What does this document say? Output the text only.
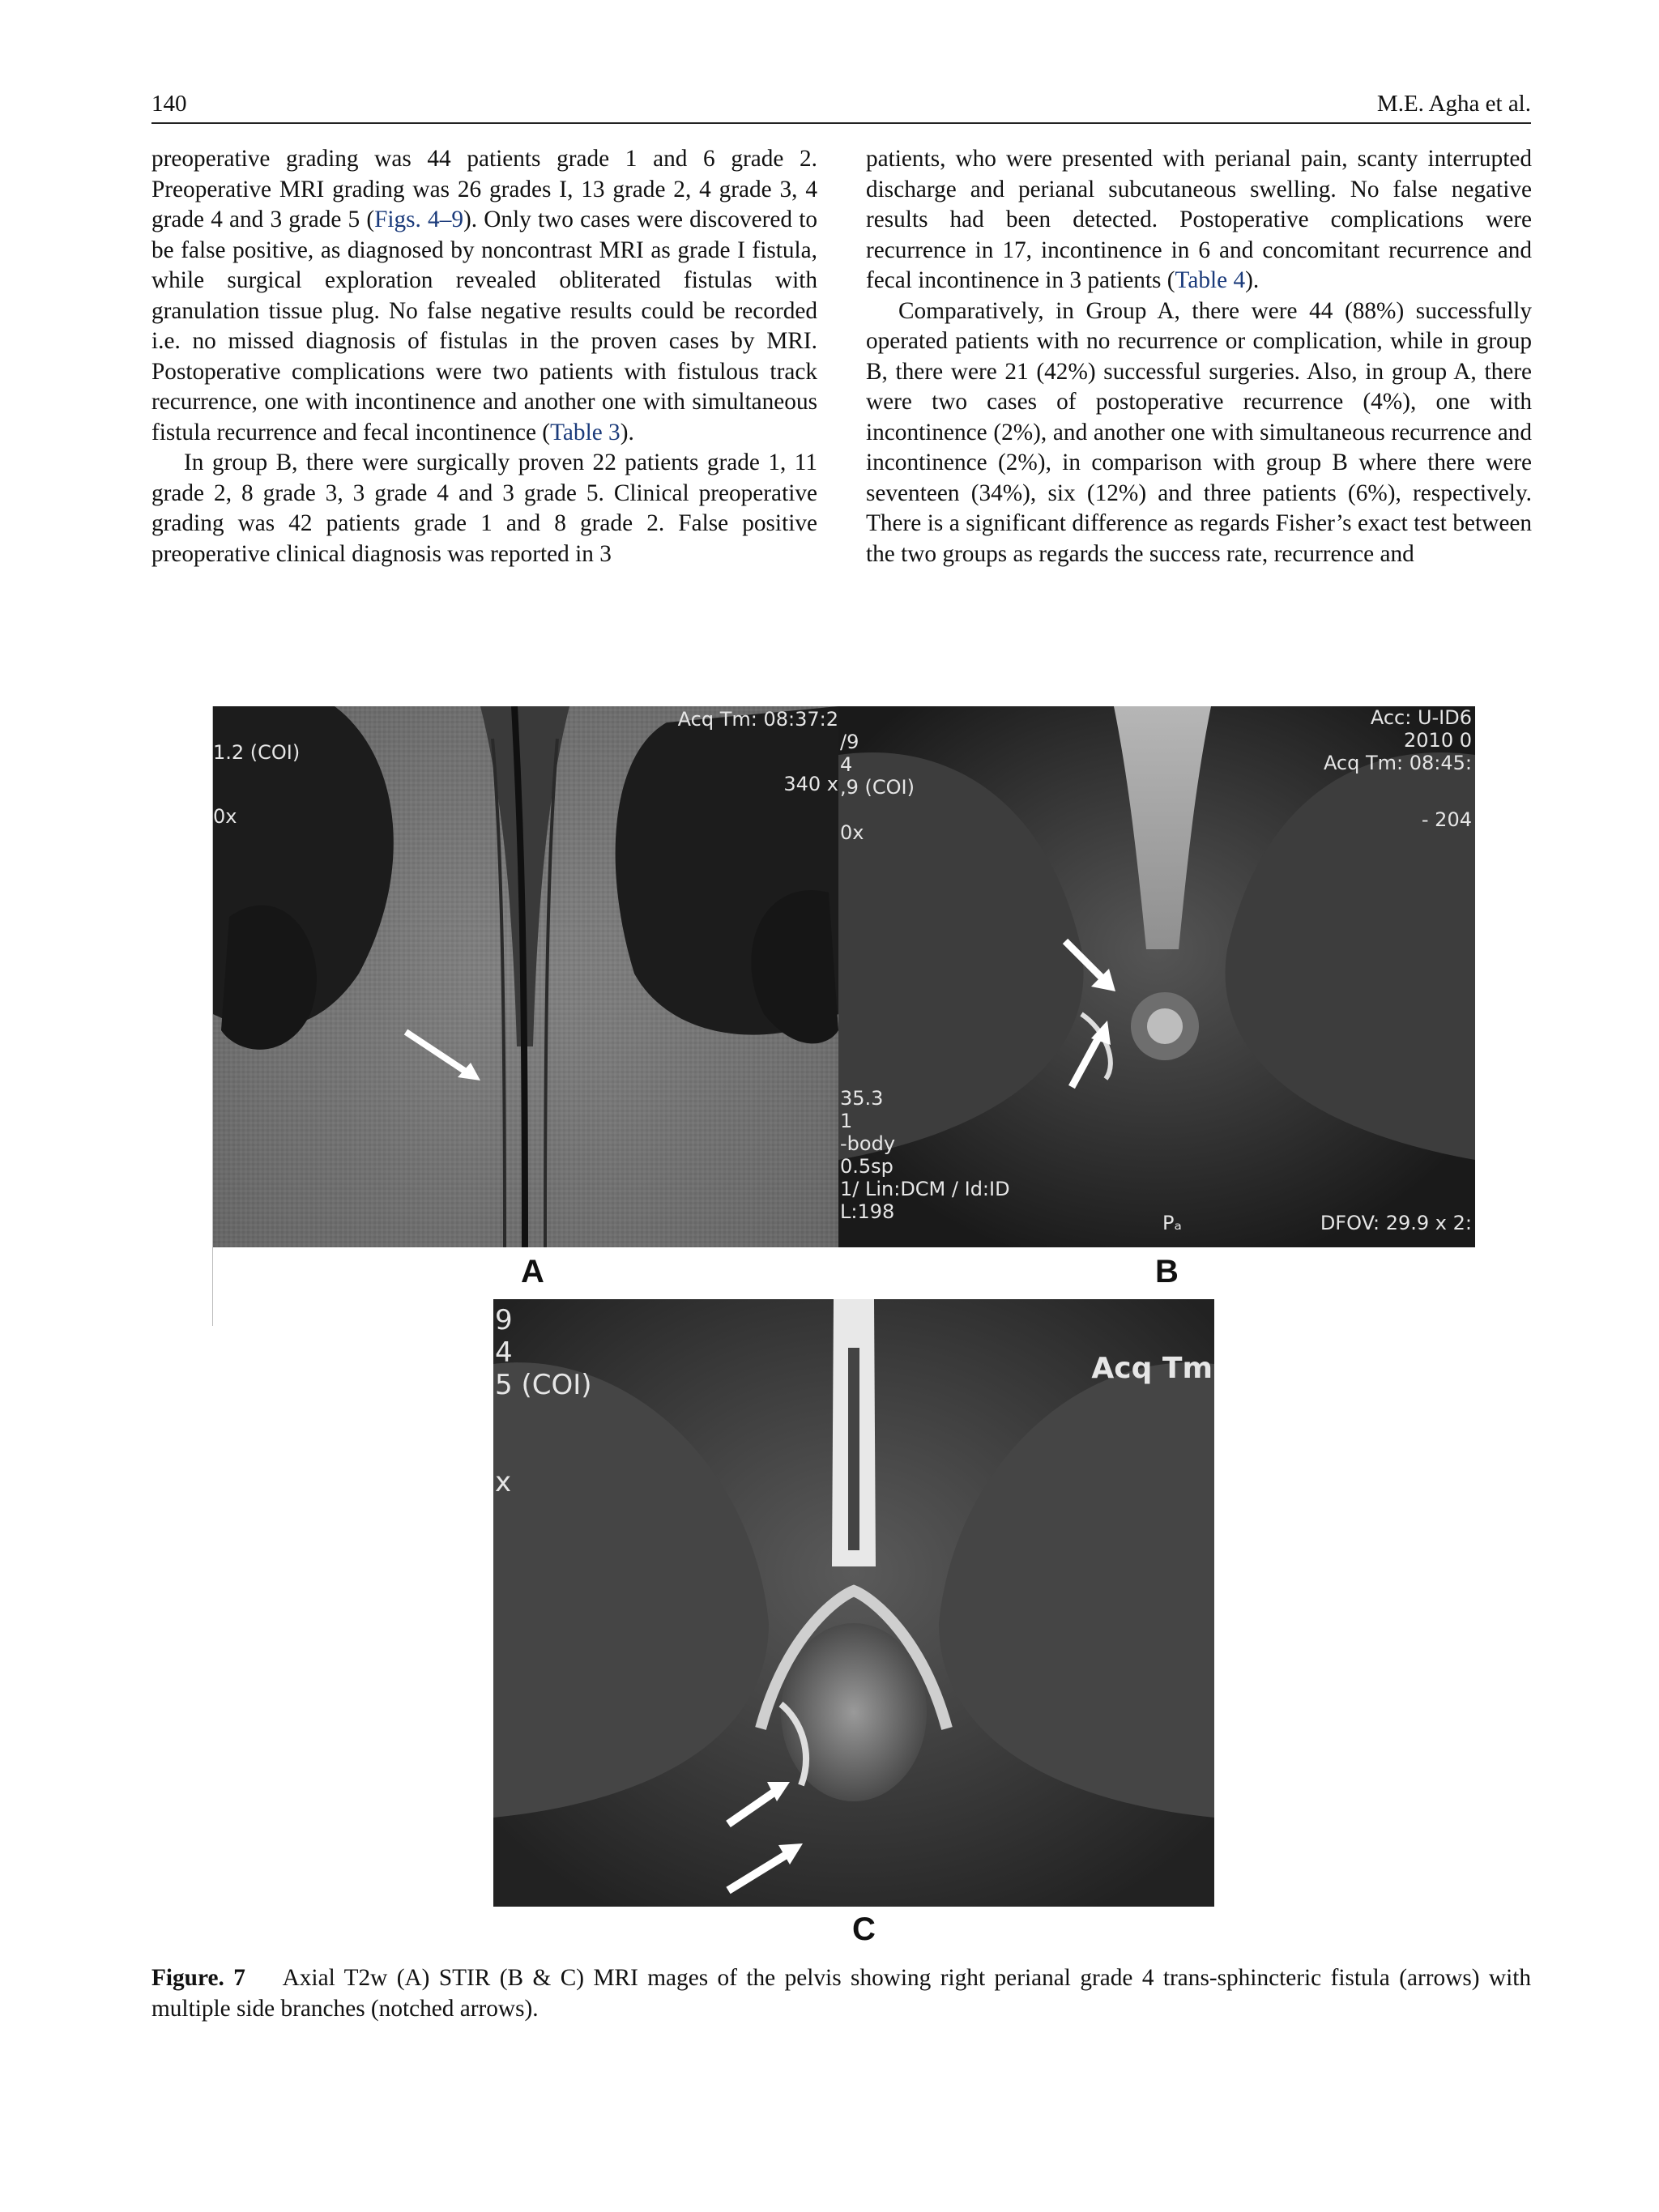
140	M.E. Agha et al.

preoperative grading was 44 patients grade 1 and 6 grade 2. Preoperative MRI grading was 26 grades I, 13 grade 2, 4 grade 3, 4 grade 4 and 3 grade 5 (Figs. 4–9). Only two cases were discovered to be false positive, as diagnosed by noncontrast MRI as grade I fistula, while surgical exploration revealed obliterated fistulas with granulation tissue plug. No false negative results could be recorded i.e. no missed diagnosis of fistulas in the proven cases by MRI. Postoperative complications were two patients with fistulous track recurrence, one with incontinence and another one with simultaneous fistula recurrence and fecal incontinence (Table 3).

In group B, there were surgically proven 22 patients grade 1, 11 grade 2, 8 grade 3, 3 grade 4 and 3 grade 5. Clinical preoperative grading was 42 patients grade 1 and 8 grade 2. False positive preoperative clinical diagnosis was reported in 3

patients, who were presented with perianal pain, scanty interrupted discharge and perianal subcutaneous swelling. No false negative results had been detected. Postoperative complications were recurrence in 17, incontinence in 6 and concomitant recurrence and fecal incontinence in 3 patients (Table 4).

Comparatively, in Group A, there were 44 (88%) successfully operated patients with no recurrence or complication, while in group B, there were 21 (42%) successful surgeries. Also, in group A, there were two cases of postoperative recurrence (4%), one with incontinence (2%), and another one with simultaneous recurrence and incontinence (2%), in comparison with group B where there were seventeen (34%), six (12%) and three patients (6%), respectively. There is a significant difference as regards Fisher’s exact test between the two groups as regards the success rate, recurrence and

Acq Tm: 08:37:2
340 x
1.2 (COI)
0x
A
Acc: U-ID6
2010 0
Acq Tm: 08:45:
- 204
/9
4
,9 (COI)

0x
35.3
1
-body
0.5sp
1/ Lin:DCM / Id:ID
L:198	Pₐ	DFOV: 29.9 x 2:
B
Acq Tm
9
4
5 (COI)

x
C
Figure. 7 Axial T2w (A) STIR (B & C) MRI mages of the pelvis showing right perianal grade 4 trans-sphincteric fistula (arrows) with multiple side branches (notched arrows).
